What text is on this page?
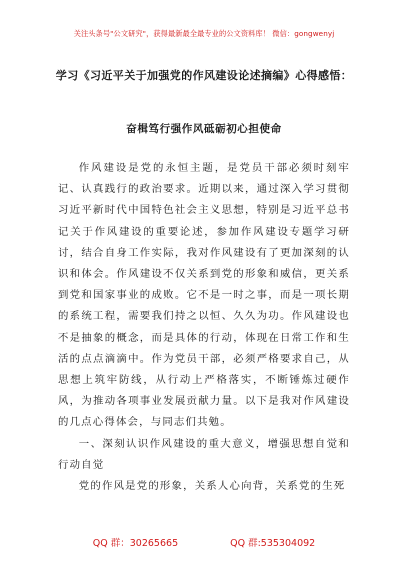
关注头条号"公文研究"，获得最新最全最专业的公文资料库！ 微信：gongwenyj
学习《习近平关于加强党的作风建设论述摘编》心得感悟：
奋楫笃行强作风砥砺初心担使命

作风建设是党的永恒主题，是党员干部必须时刻牢记、认真践行的政治要求。近期以来，通过深入学习贯彻习近平新时代中国特色社会主义思想，特别是习近平总书记关于作风建设的重要论述，参加作风建设专题学习研讨，结合自身工作实际，我对作风建设有了更加深刻的认识和体会。作风建设不仅关系到党的形象和威信，更关系到党和国家事业的成败。它不是一时之事，而是一项长期的系统工程，需要我们持之以恒、久久为功。作风建设也不是抽象的概念，而是具体的行动，体现在日常工作和生活的点点滴滴中。作为党员干部，必须严格要求自己，从思想上筑牢防线，从行动上严格落实，不断锤炼过硬作风，为推动各项事业发展贡献力量。以下是我对作风建设的几点心得体会，与同志们共勉。

一、深刻认识作风建设的重大意义，增强思想自觉和行动自觉

党的作风是党的形象，关系人心向背，关系党的生死

QQ 群：30265665	QQ 群:535304092
